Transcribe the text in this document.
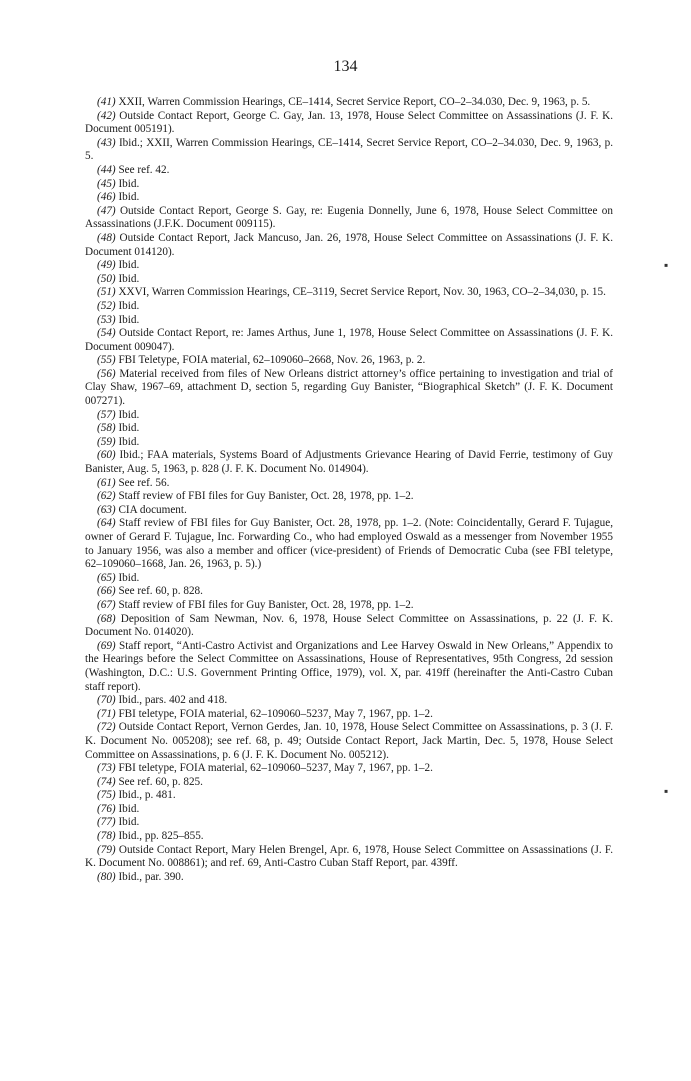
134

(41) XXII, Warren Commission Hearings, CE–1414, Secret Service Report, CO–2–34.030, Dec. 9, 1963, p. 5.

(42) Outside Contact Report, George C. Gay, Jan. 13, 1978, House Select Committee on Assassinations (J. F. K. Document 005191).

(43) Ibid.; XXII, Warren Commission Hearings, CE–1414, Secret Service Report, CO–2–34.030, Dec. 9, 1963, p. 5.

(44) See ref. 42.

(45) Ibid.

(46) Ibid.

(47) Outside Contact Report, George S. Gay, re: Eugenia Donnelly, June 6, 1978, House Select Committee on Assassinations (J.F.K. Document 009115).

(48) Outside Contact Report, Jack Mancuso, Jan. 26, 1978, House Select Committee on Assassinations (J. F. K. Document 014120).

(49) Ibid.

(50) Ibid.

(51) XXVI, Warren Commission Hearings, CE–3119, Secret Service Report, Nov. 30, 1963, CO–2–34,030, p. 15.

(52) Ibid.

(53) Ibid.

(54) Outside Contact Report, re: James Arthus, June 1, 1978, House Select Committee on Assassinations (J. F. K. Document 009047).

(55) FBI Teletype, FOIA material, 62–109060–2668, Nov. 26, 1963, p. 2.

(56) Material received from files of New Orleans district attorney’s office pertaining to investigation and trial of Clay Shaw, 1967–69, attachment D, section 5, regarding Guy Banister, “Biographical Sketch” (J. F. K. Document 007271).

(57) Ibid.

(58) Ibid.

(59) Ibid.

(60) Ibid.; FAA materials, Systems Board of Adjustments Grievance Hearing of David Ferrie, testimony of Guy Banister, Aug. 5, 1963, p. 828 (J. F. K. Document No. 014904).

(61) See ref. 56.

(62) Staff review of FBI files for Guy Banister, Oct. 28, 1978, pp. 1–2.

(63) CIA document.

(64) Staff review of FBI files for Guy Banister, Oct. 28, 1978, pp. 1–2. (Note: Coincidentally, Gerard F. Tujague, owner of Gerard F. Tujague, Inc. Forwarding Co., who had employed Oswald as a messenger from November 1955 to January 1956, was also a member and officer (vice-president) of Friends of Democratic Cuba (see FBI teletype, 62–109060–1668, Jan. 26, 1963, p. 5).)

(65) Ibid.

(66) See ref. 60, p. 828.

(67) Staff review of FBI files for Guy Banister, Oct. 28, 1978, pp. 1–2.

(68) Deposition of Sam Newman, Nov. 6, 1978, House Select Committee on Assassinations, p. 22 (J. F. K. Document No. 014020).

(69) Staff report, “Anti-Castro Activist and Organizations and Lee Harvey Oswald in New Orleans,” Appendix to the Hearings before the Select Committee on Assassinations, House of Representatives, 95th Congress, 2d session (Washington, D.C.: U.S. Government Printing Office, 1979), vol. X, par. 419ff (hereinafter the Anti-Castro Cuban staff report).

(70) Ibid., pars. 402 and 418.

(71) FBI teletype, FOIA material, 62–109060–5237, May 7, 1967, pp. 1–2.

(72) Outside Contact Report, Vernon Gerdes, Jan. 10, 1978, House Select Committee on Assassinations, p. 3 (J. F. K. Document No. 005208); see ref. 68, p. 49; Outside Contact Report, Jack Martin, Dec. 5, 1978, House Select Committee on Assassinations, p. 6 (J. F. K. Document No. 005212).

(73) FBI teletype, FOIA material, 62–109060–5237, May 7, 1967, pp. 1–2.

(74) See ref. 60, p. 825.

(75) Ibid., p. 481.

(76) Ibid.

(77) Ibid.

(78) Ibid., pp. 825–855.

(79) Outside Contact Report, Mary Helen Brengel, Apr. 6, 1978, House Select Committee on Assassinations (J. F. K. Document No. 008861); and ref. 69, Anti-Castro Cuban Staff Report, par. 439ff.

(80) Ibid., par. 390.

▪
▪
